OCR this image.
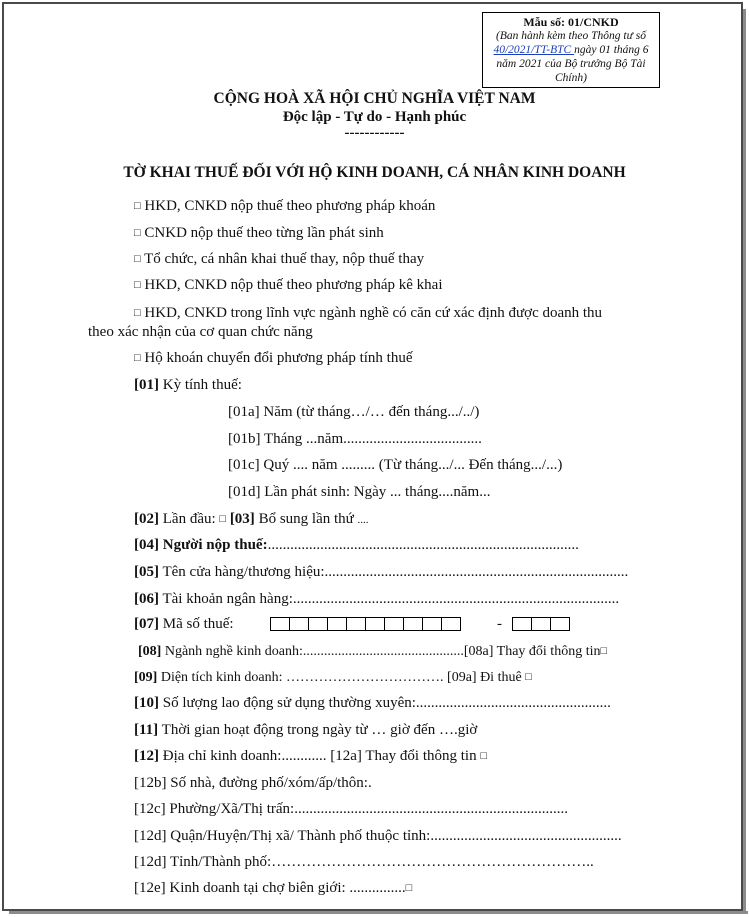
Mẫu số: 01/CNKD
(Ban hành kèm theo Thông tư số 40/2021/TT-BTC ngày 01 tháng 6 năm 2021 của Bộ trưởng Bộ Tài Chính)
CỘNG HOÀ XÃ HỘI CHỦ NGHĨA VIỆT NAM
Độc lập - Tự do - Hạnh phúc
------------
TỜ KHAI THUẾ ĐỐI VỚI HỘ KINH DOANH, CÁ NHÂN KINH DOANH
□ HKD, CNKD nộp thuế theo phương pháp khoán
□ CNKD nộp thuế theo từng lần phát sinh
□ Tổ chức, cá nhân khai thuế thay, nộp thuế thay
□ HKD, CNKD nộp thuế theo phương pháp kê khai
□ HKD, CNKD trong lĩnh vực ngành nghề có căn cứ xác định được doanh thu
theo xác nhận của cơ quan chức năng
□ Hộ khoán chuyển đổi phương pháp tính thuế
[01] Kỳ tính thuế:
[01a] Năm (từ tháng…/… đến tháng.../../)
[01b] Tháng ...năm.....................................
[01c] Quý .... năm ......... (Từ tháng.../... Đến tháng.../...)
[01d] Lần phát sinh: Ngày ... tháng....năm...
[02] Lần đầu: □ [03] Bổ sung lần thứ ....
[04] Người nộp thuế:...................................................................................
[05] Tên cửa hàng/thương hiệu:.................................................................................
[06] Tài khoản ngân hàng:.......................................................................................
[07] Mã số thuế:	-
[08] Ngành nghề kinh doanh:..............................................[08a] Thay đổi thông tin□
[09] Diện tích kinh doanh: ……………………………. [09a] Đi thuê □
[10] Số lượng lao động sử dụng thường xuyên:....................................................
[11] Thời gian hoạt động trong ngày từ … giờ đến ….giờ
[12] Địa chỉ kinh doanh:............ [12a] Thay đổi thông tin □
[12b] Số nhà, đường phố/xóm/ấp/thôn:.
[12c] Phường/Xã/Thị trấn:.........................................................................
[12d] Quận/Huyện/Thị xã/ Thành phố thuộc tỉnh:...................................................
[12d] Tỉnh/Thành phố:………………………………………………………..
[12e] Kinh doanh tại chợ biên giới: ...............□
